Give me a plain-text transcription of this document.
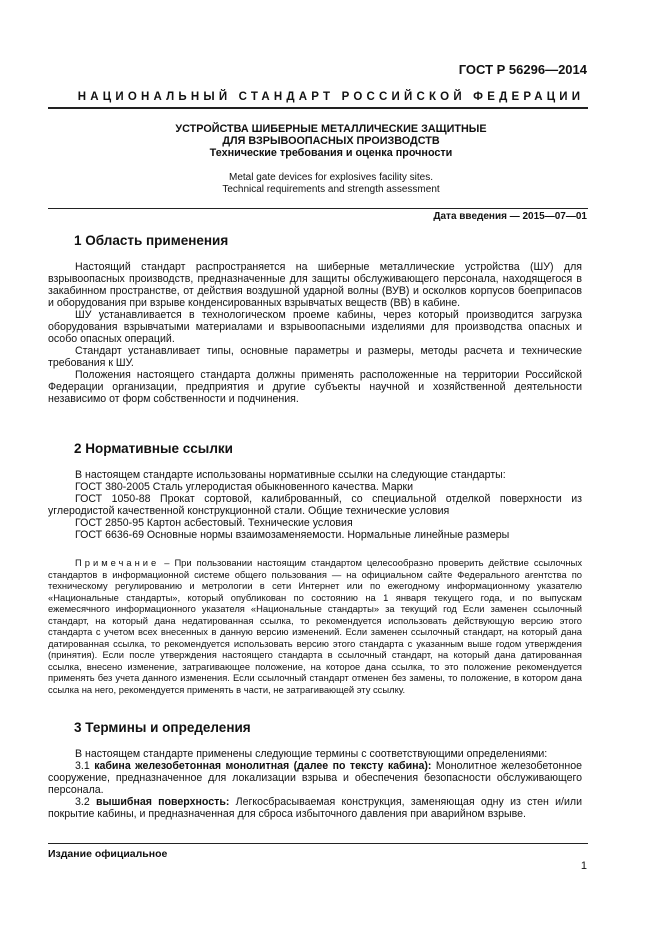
ГОСТ Р 56296—2014
НАЦИОНАЛЬНЫЙ СТАНДАРТ РОССИЙСКОЙ ФЕДЕРАЦИИ
УСТРОЙСТВА ШИБЕРНЫЕ МЕТАЛЛИЧЕСКИЕ ЗАЩИТНЫЕ
ДЛЯ ВЗРЫВООПАСНЫХ ПРОИЗВОДСТВ
Технические требования и оценка прочности
Metal gate devices for explosives facility sites.
Technical requirements and strength assessment
Дата введения — 2015—07—01
1 Область применения

Настоящий стандарт распространяется на шиберные металлические устройства (ШУ) для взрывоопасных производств, предназначенные для защиты обслуживающего персонала, находящегося в закабинном пространстве, от действия воздушной ударной волны (ВУВ) и осколков корпусов боеприпасов и оборудования при взрыве конденсированных взрывчатых веществ (ВВ) в кабине.

ШУ устанавливается в технологическом проеме кабины, через который производится загрузка оборудования взрывчатыми материалами и взрывоопасными изделиями для производства опасных и особо опасных операций.

Стандарт устанавливает типы, основные параметры и размеры, методы расчета и технические требования к ШУ.

Положения настоящего стандарта должны применять расположенные на территории Российской Федерации организации, предприятия и другие субъекты научной и хозяйственной деятельности независимо от форм собственности и подчинения.

2 Нормативные ссылки

В настоящем стандарте использованы нормативные ссылки на следующие стандарты:

ГОСТ 380-2005 Сталь углеродистая обыкновенного качества. Марки

ГОСТ 1050-88 Прокат сортовой, калиброванный, со специальной отделкой поверхности из углеродистой качественной конструкционной стали. Общие технические условия

ГОСТ 2850-95 Картон асбестовый. Технические условия

ГОСТ 6636-69 Основные нормы взаимозаменяемости. Нормальные линейные размеры

Примечание – При пользовании настоящим стандартом целесообразно проверить действие ссылочных стандартов в информационной системе общего пользования — на официальном сайте Федерального агентства по техническому регулированию и метрологии в сети Интернет или по ежегодному информационному указателю «Национальные стандарты», который опубликован по состоянию на 1 января текущего года, и по выпускам ежемесячного информационного указателя «Национальные стандарты» за текущий год Если заменен ссылочный стандарт, на который дана недатированная ссылка, то рекомендуется использовать действующую версию этого стандарта с учетом всех внесенных в данную версию изменений. Если заменен ссылочный стандарт, на который дана датированная ссылка, то рекомендуется использовать версию этого стандарта с указанным выше годом утверждения (принятия). Если после утверждения настоящего стандарта в ссылочный стандарт, на который дана датированная ссылка, внесено изменение, затрагивающее положение, на которое дана ссылка, то это положение рекомендуется применять без учета данного изменения. Если ссылочный стандарт отменен без замены, то положение, в котором дана ссылка на него, рекомендуется применять в части, не затрагивающей эту ссылку.

3 Термины и определения

В настоящем стандарте применены следующие термины с соответствующими определениями:

3.1 кабина железобетонная монолитная (далее по тексту кабина): Монолитное железобетонное сооружение, предназначенное для локализации взрыва и обеспечения безопасности обслуживающего персонала.

3.2 вышибная поверхность: Легкосбрасываемая конструкция, заменяющая одну из стен и/или покрытие кабины, и предназначенная для сброса избыточного давления при аварийном взрыве.

Издание официальное
1
